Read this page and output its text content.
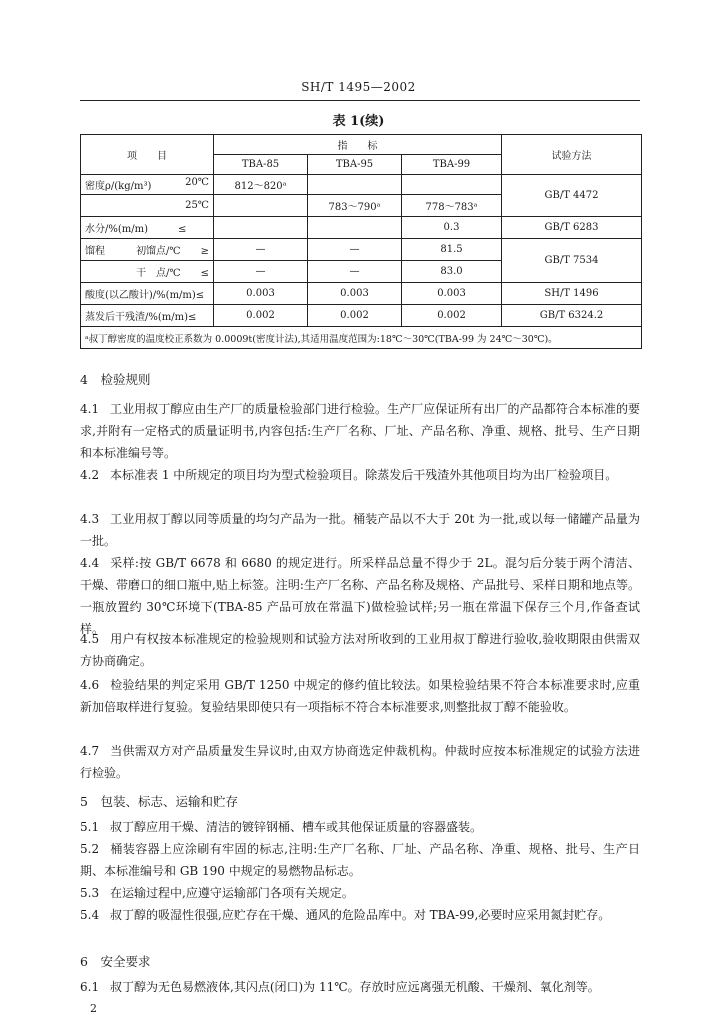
SH/T 1495—2002
表 1(续)
项　　目	指　　标			试验方法
	TBA-85	TBA-95	TBA-99	
密度ρ/(kg/m³) 20℃	812～820ᵃ			GB/T 4472
25℃		783～790ᵃ	778～783ᵃ	
水分/%(m/m)　　　≤			0.3	GB/T 6283
馏程 初馏点/℃　　≥	—	—	81.5	GB/T 7534
干　点/℃　　≤	—	—	83.0	
酸度(以乙酸计)/%(m/m)≤	0.003	0.003	0.003	SH/T 1496
蒸发后干残渣/%(m/m)≤	0.002	0.002	0.002	GB/T 6324.2
ᵃ叔丁醇密度的温度校正系数为 0.0009t(密度计法),其适用温度范围为:18℃～30℃(TBA-99 为 24℃～30℃)。				
4　检验规则
4.1 工业用叔丁醇应由生产厂的质量检验部门进行检验。生产厂应保证所有出厂的产品都符合本标准的要求,并附有一定格式的质量证明书,内容包括:生产厂名称、厂址、产品名称、净重、规格、批号、生产日期和本标准编号等。
4.2 本标准表 1 中所规定的项目均为型式检验项目。除蒸发后干残渣外其他项目均为出厂检验项目。
4.3 工业用叔丁醇以同等质量的均匀产品为一批。桶装产品以不大于 20t 为一批,或以每一储罐产品量为一批。
4.4 采样:按 GB/T 6678 和 6680 的规定进行。所采样品总量不得少于 2L。混匀后分装于两个清洁、干燥、带磨口的细口瓶中,贴上标签。注明:生产厂名称、产品名称及规格、产品批号、采样日期和地点等。一瓶放置约 30℃环境下(TBA-85 产品可放在常温下)做检验试样;另一瓶在常温下保存三个月,作备查试样。
4.5 用户有权按本标准规定的检验规则和试验方法对所收到的工业用叔丁醇进行验收,验收期限由供需双方协商确定。
4.6 检验结果的判定采用 GB/T 1250 中规定的修约值比较法。如果检验结果不符合本标准要求时,应重新加倍取样进行复验。复验结果即使只有一项指标不符合本标准要求,则整批叔丁醇不能验收。
4.7 当供需双方对产品质量发生异议时,由双方协商选定仲裁机构。仲裁时应按本标准规定的试验方法进行检验。
5　包装、标志、运输和贮存
5.1 叔丁醇应用干燥、清洁的镀锌钢桶、槽车或其他保证质量的容器盛装。
5.2 桶装容器上应涂刷有牢固的标志,注明:生产厂名称、厂址、产品名称、净重、规格、批号、生产日期、本标准编号和 GB 190 中规定的易燃物品标志。
5.3 在运输过程中,应遵守运输部门各项有关规定。
5.4 叔丁醇的吸湿性很强,应贮存在干燥、通风的危险品库中。对 TBA-99,必要时应采用氮封贮存。
6　安全要求
6.1 叔丁醇为无色易燃液体,其闪点(闭口)为 11℃。存放时应远离强无机酸、干燥剂、氧化剂等。
2
